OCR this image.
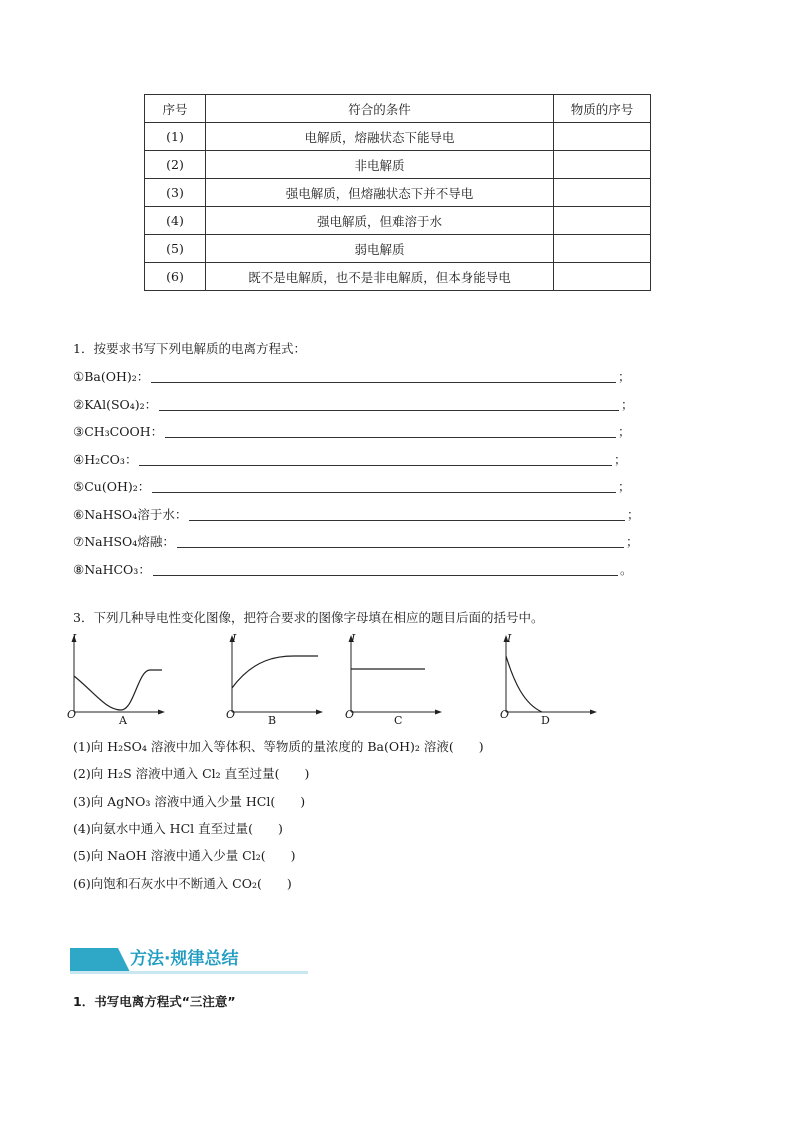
序号	符合的条件	物质的序号
(1)	电解质，熔融状态下能导电	
(2)	非电解质	
(3)	强电解质，但熔融状态下并不导电	
(4)	强电解质，但难溶于水	
(5)	弱电解质	
(6)	既不是电解质，也不是非电解质，但本身能导电	
1．按要求书写下列电解质的电离方程式：
①Ba(OH)₂：	；
②KAl(SO₄)₂：	；
③CH₃COOH：	；
④H₂CO₃：	；
⑤Cu(OH)₂：	；
⑥NaHSO₄溶于水：	；
⑦NaHSO₄熔融：	；
⑧NaHCO₃：	。
3．下列几种导电性变化图像，把符合要求的图像字母填在相应的题目后面的括号中。
I
O	A
I
O	B
I
O	C
I
O	D
(1)向 H₂SO₄ 溶液中加入等体积、等物质的量浓度的 Ba(OH)₂ 溶液(　　)
(2)向 H₂S 溶液中通入 Cl₂ 直至过量(　　)
(3)向 AgNO₃ 溶液中通入少量 HCl(　　)
(4)向氨水中通入 HCl 直至过量(　　)
(5)向 NaOH 溶液中通入少量 Cl₂(　　)
(6)向饱和石灰水中不断通入 CO₂(　　)
方法·规律总结
1．书写电离方程式“三注意”
